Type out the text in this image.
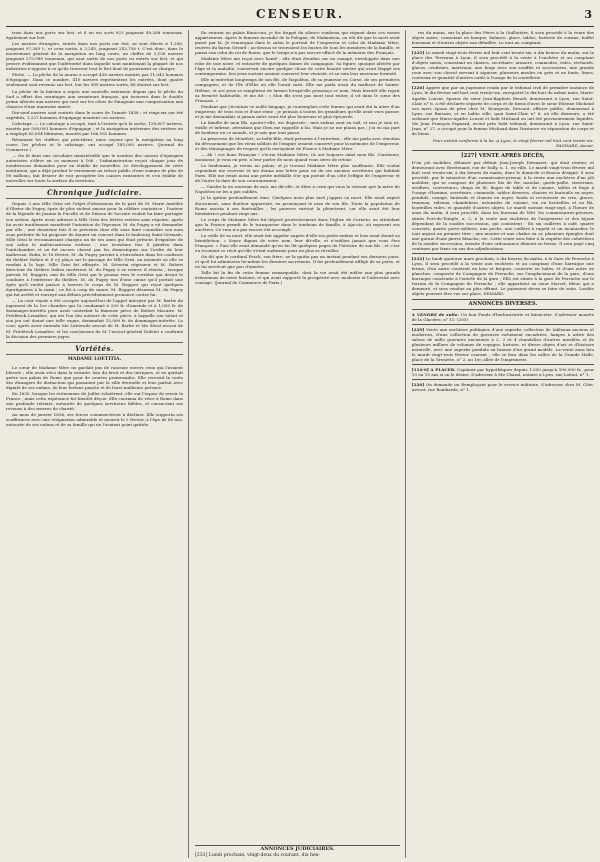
CENSEUR.	3

trois dans nos ports sur lest, et il en est sorti 923 jaugeant 49,268 tonneaux, également sur lest.

Les navires étrangers, entrés dans nos ports sur lest, se sont élevés à 1,286, jaugeant 97,385 t., et ceux sortis, à 3,245, jaugeant 243,758 t. C'est donc, dans le mouvement général de la navigation au long cours, un chiffre de 3,158 navires jaugeant 275,986 tonneaux, qui sont sortis de nos ports ou entrés sur lest, et qui prouve évidemment que l'infériorité dans laquelle sont maintenant la plupart de nos industries n'oppose à ce qu'ils trouvent tout le fret dont ils pourraient se charger.

Pêche. — La pêche de la morue a occupé 436 navires montés par 11,043 hommes d'équipage. Dans ce nombre, 410 navires représentent les entrées, dont quatre seulement sont revenus sur lest. Sur les 380 navires sortis, 48 étaient sur lest.

La pêche de la baleine a repris une nouvelle extension depuis que la pêche du Sud a offert des avantages aux armateurs français, qui trouvent dans la double prime allouée aux navires qui vont sur les côtes de Patagonie une compensation aux chances d'une mauvaise année.

Dix-neuf navires sont rentrés dans le cours de l'année 1838 ; et vingt-six ont été expédiés, 1,227 hommes d'équipage montent ces navires.

Cabotage. — Le cabotage a occupé, tant à l'entrée qu'à la sortie, 128,807 navires, montés par 508,093 hommes d'équipage ; et la navigation intérieure des rivières en a employé 65,854 bâtimens, montés par 166,182 hommes.

Résumant les chiffres qui précèdent, nous voyons que la navigation au long cours, les pêches et le cabotage, ont occupé 185,000 navires. (Journal du Commerce.)

— On lit dans une circulaire ministérielle que le nombre des caisses d'épargnes autorisées s'élève en ce moment à 166 ; l'administration reçoit chaque jour de nombreuses demandes pour en établir de nouvelles. Le développement de cette institution, qui a déjà produit le versement au trésor public d'une somme de plus de 96 millions, fait désirer de voir prospérer les caisses existantes et s'en établir de nouvelles sur toute la surface du territoire.

Chronique Judiciaire.

Depuis 3 ans Mlle Grisi est l'objet d'obsessions de la part de M. Marie Amédée d'Olivier du Pugey, épris de plus violent amour pour la célèbre cantatrice ; l'auteur de la légende de Jeanne la Pucelle et de Démon de Socrate voulait lui faire partager son ardeur. Après avoir adressé à Mlle Grisi des lettres restées sans réponse, après lui avoir inutilement manifesté l'intention de l'épouser, M. du Pugey a vit demander par elle ; une douzième fois il se présenta chez elle sans faire connaître son nom sous prétexte de lui proposer de donner un concert dans le faubourg Saint-Germain. Mlle Grisi le reconnaissant chargea un de ses amis qui était présent d'expulser de son salon le malencontreux visiteur ; une troisième fois il pénétra dans l'antichambre et on fut encore chassé par les domestiques sur l'ordre de leur maîtresse. Enfin, le 16 février, M. du Pugey parvint à s'introduire dans les coulisses du théâtre Italien et il s'y plaça sur le passage de Mlle Grisi, au moment où elle se rendait à la loge. Mlle Grisi fut effrayée, M. Séverini régisseur et M. Robert directeur du théâtre Italien invitèrent M. du Pugey à se retirer, il résista ; lorsque parvint M. Ruggeri, ami de Mlle Grisi qui le poussa vers le corridor qui devait le conduire à l'extérieur du théâtre. M. du Pugey tira d'une canne qu'il portait une épée qu'il voulut passer à travers le corps de M. Roggeri qui reçut quelques égratignures à la main ; ce fut à coup de canne. M. Roggeri désarma M. du Pugey qui fut arrêté et renvoyé aux débats précédemment prononcé contre lui.

— La cour royale a été occupée aujourd'hui de l'appel interjeté par M. Barbe du jugement de la 1re chambre qui l'a condamné à 200 fr. d'amende et à 1,000 fr. de dommages-intérêts pour avoir contrefait la fameuse pièce de Robert Macaire. M. Frédérick Lemaître, qui est l'un des auteurs de cette pièce, à laquelle son talent et son jeu ont donné une telle vogue, demandait 15,000 fr. de dommages-intérêts. La cour, après avoir entendu Me Latterade avocat de M. Barbe et Me Séval avocat de M. Frédérick Lemaître, et les conclusions de M. l'avocat-général Didelot a confirmé la décision des premiers juges.

Variétés.
MADAME LOETITIA.

Le cœur de Madame Mère ne gardait pas de rancune envers ceux qui l'avaient blessée ; elle avait vécu dans la retraite, loin du bruit et des intrigues, et ne quittait guère son palais de Rome que pour de courtes promenades. Elle recevait la visite des étrangers de distinction qui passaient par la ville éternelle et leur parlait avec dignité de ses enfans, de leur fortune passée et de leurs malheurs présens.

En 1830, lorsque les événemens de Juillet éclatèrent, elle eut l'espoir de revoir la France ; mais cette espérance fut bientôt déçue. Elle continua de vivre à Rome dans une profonde retraite, entourée de quelques serviteurs fidèles, et consacrant ses revenus à des œuvres de charité.

Au mois de janvier 1836, ses forces commencèrent à décliner. Elle supporta ses souffrances avec une résignation admirable et mourut le 2 février, à l'âge de 86 ans, entourée de ses enfans et de sa famille qui ne l'avaient point quittée.

En entrant au palais Rinuccini, je fus frappé du silence tombeau qui régnait dans ces vastes appartemens. Après le fameux incendie de la Pologne, de Malmaison, on eût dit que la mort avait passé par là. Je remarquai dans le salon le portrait de l'empereur et celui de Madame Mère, œuvres du baron Gérard ; au-dessus se trouvaient les bustes de tous les membres de la famille, et parmi eux celui du roi de Rome, que le temps n'a pas encore effacé de la mémoire des Français.

Madame Mère me reçut avec bonté ; elle était étendue sur un canapé, enveloppée dans une robe de soie noire, et entourée de quelques dames de compagnie. Sa figure, quoique altérée par l'âge et la maladie, conservait encore quelque chose de cette beauté sévère qui avait frappé ses contemporains. Ses yeux surtout avaient conservé leur vivacité, et sa voix leur ancienne fermeté.

Elle m'entretint longtemps de son fils, de Napoléon, de sa jeunesse en Corse, de ses premières campagnes, et de l'île d'Elbe où elle l'avait suivi. Elle me parla aussi du malheur de Sainte-Hélène, et ses yeux se remplirent de larmes lorsqu'elle prononça ce nom. Mais bientôt elle reprit sa fermeté habituelle, et me dit : « Mon fils n'est pas mort tout entier, il vit dans le cœur des Français. »

Pendant que j'écoutais ce noble langage, je contemplais cette femme qui avait été la mère d'un empereur, de trois rois et d'une reine ; je pensais à toutes les grandeurs qu'elle avait vues passer, et je me demandais si jamais mère avait été plus heureuse et plus éprouvée.

La famille de mon fils, ajouta-t-elle, est dispersée ; mes enfans sont en exil, et moi je suis ici, vieille et infirme, attendant que Dieu me rappelle à lui. Mais je ne me plains pas ; j'ai eu ma part de bonheur en ce monde, et je sais que tout passe.

La princesse de Montfort, sa belle-fille, était présente à l'entretien ; elle me parla avec émotion du dévouement que les vieux soldats de l'empire avaient conservé pour la mémoire de l'empereur, et des témoignages de respect qu'ils envoyaient de France à Madame Mère.

— Ah ! ces bons Français ! s'écria Madame Mère, ils ont toujours aimé mon fils. Continuez, monsieur, je vous en prie, à leur parler de nous quand vous serez de retour.

Le lendemain, je revins au palais, et je trouvai Madame Mère plus souffrante. Elle voulut cependant me recevoir et me donna une lettre pour un de ses anciens serviteurs qui habitait Paris. Elle me remit aussi une petite médaille d'or qui portait d'un côté l'effigie de l'empereur et de l'autre la date de son couronnement.

— Gardez-la en souvenir de moi, me dit-elle, et dites à ceux qui vous la verront que la mère de Napoléon ne les a pas oubliés.

Je la quittai profondément ému. Quelques mois plus tard j'appris sa mort. Elle avait expiré doucement, sans douleur apparente, en prononçant le nom de son fils. Toute la population de Rome assista à ses funérailles ; les pauvres surtout la pleurèrent, car elle avait été leur bienfaitrice pendant vingt ans.

Le corps de Madame Mère fut déposé provisoirement dans l'église de Corneto, en attendant que la France permît de le transporter dans le tombeau de famille, à Ajaccio, où reposent ses ancêtres. Ce vœu n'a pas encore été accompli.

La veille de sa mort, elle avait fait appeler auprès d'elle ses petits-enfans et leur avait donné sa bénédiction. « Soyez dignes de votre nom, leur dit-elle, et n'oubliez jamais que vous êtes Français. » Puis elle avait demandé qu'on lui lût quelques pages de l'histoire de son fils ; et c'est en écoutant ce récit qu'elle s'était endormie pour ne plus se réveiller.

On dit que le cardinal Fesch, son frère, ne la quitta pas un instant pendant ses derniers jours, et qu'il lui administra lui-même les derniers sacremens. Il fut profondément affligé de sa perte, et ne lui survécut que peu d'années.

Telle fut la fin de cette femme remarquable, dont la vie avait été mêlée aux plus grands événemens de notre histoire, et qui avait supporté la prospérité avec modestie et l'adversité avec courage. (Journal de Commerce de Paris.)

ANNONCES JUDICIAIRES.
[231] Lundi prochain, vingt-deux du courant, dix heu-

res du matin, sur la place des Pères à la Guillotière, il sera procédé à la vente des objets saisis, consistant en banque, balance, glace, tables, batterie de cuisine, buffet fourneau et d'autres objets non détaillés. Le tout au comptant.

[225] Le mardi vingt-trois février mil huit cent trente-six, à dix heures du matin, sur la place des Terreaux à Lyon, il sera procédé à la vente à l'enchère et au comptant d'objets saisis, consistant en chaises, secrétaire, armoire, commodes, vides, réchauds, glaces, cendriers, marteaux, une forge avec son soufflet et accessoires, une grande roue avec son cheval servant à aiguiser, plusieurs meules en grès et en fonte, limes, couteaux et quantité d'autres outils à l'usage de la coutellerie.
[226] Appert que par un jugement rendu par le tribunal civil de première instance de Lyon, le dix février mil huit cent trente-six, enregistré le dix-huit du même mois, Marie-Agathe Louvat, épouse du sieur Jean-Baptiste Benoît, demeurant à Lyon, rue Saint-Clair, n° 6, a été déclarée séparée de corps et de biens d'avec le sieur Etienne Michaud son mari, époux de père chez M. Bourgeois, Descaut, officier public, demeurant à Lyon, rue Buisson, et en ladite ville, quai Saint-Clair, n° 6, où elle demeure, a été ordonné que Marie-Agathe Louvat et ledit Michaud en ont été provisoirement liquidés. Me Jean François Pagnard, avoué près ledit tribunal, demeurant à Lyon, rue Saint-Jean, n° 27, a occupé pour la femme Michaud dans l'instance en séparation de corps et de biens.

Pour extrait conforme à la loi. A Lyon, le vingt février mil huit cent trente-six. PAGNARD, Avoué.

[227] VENTE APRÈS DÉCÈS,
D'un joli mobilier, délaissé par défunt Jean-Joseph Dérmaret, qui était rentier, et demeurant avec Brottenaut, rue de Sully, n. 1, en ville. Le mardi vingt-trois février mil huit cent trente-six, à dix heures du matin, dans le domicile ci-dessus désigné, il sera procédé, par le ministère d'un commissaire-priseur, à la vente aux enchères d'un joli mobilier, qui se compose de plusieurs lits de fer, matelas, garde-paille, traversins, oreillers, couvertures, draps de lit, linges de table et de cuisine, tables et linge à l'usage d'homme, secrétaire, commode, tables diverses, chaises et fauteuils en noyer, pendule, canapé, fauteuils et chaises en noyer, fonds et recouverts en crin, glaces, trumeau, rideaux, chandeliers, ustensiles de cuisine, vin en bouteilles et en fût, bouteilles vides, et quantité d'autres objets. Le mardi suivant vingt-sept, à l'heure de onze du matin, il sera procédé, dans les bureaux de MM. les commissaires-priseurs, situés Port-du-Temple, n. 2, à la vente aux enchères de l'argenterie et des bijoux dépendant de la susdite succession, qui consistent : En six cuillères à café, quatre couverts, quatre porte-salières, une poche, une cuillère à ragoût et un moutardier, le tout argent au premier titre ; une montre et une chaîne en or, plusieurs épingles dont une garnie d'une pierre blanche, etc. Cette vente sera faite à la requête des cohéritiers de la susdite succession, ensuite d'une ordonnance dûment en forme. Il sera payé cinq centimes par franc en sus des adjudications.
[232] Le lundi quatorze mars prochain, à dix heures du matin, à la Gare de Perrache à Lyon, il sera procédé à la vente aux enchères et au comptant d'une barraque une ferme, d'un autre construit en bois et briques, couverte en tuiles, et d'une autre en planches, composée de Compagnie de Perrache, sur l'emplacement de la gare, d'une barraque construite à l'entrée de la gare ; Elle est située à la gare de Perrache sur le terrain de la Compagnie de Perrache ; elle appartient au sieur Marcel, fileur, qui a demeuré, et sera vendue au plus offrant. Le paiement devra se faire de suite. Lesdits objets peuvent être vus sur place, DEMARD.
ANNONCES DIVERSES.
A VENDRE de suite. Un bon Fonds d'herboristerie et faïencerie. S'adresser montée de la Glacière, n° 11. (205)
[229] Vente aux enchères publiques d'une superbe collection de tableaux anciens et modernes, d'une collection de gravures richement encadrées, lampes à arbre des salons de mille gravures anciennes à 2, 3 et 4 chandelles d'autres meubles et de plusieurs milliers de volumes de voyages, histoire, et divers objets d'art et d'histoire naturelle, avec une superbe pendule en bronze d'un grand modèle. La vente aura lieu le mardi vingt-trois février courant ; elle se fera dans les salles de la Grande Halle, place de la Grenette, n° 2, au 1er, allée de l'imprimerie.
[114-6] A PLACER. Capitaux par hypothèques depuis 1,000 jusqu'à 100,000 fr., pour 10 ou 15 ans si on le désire. S'adresser à Me Chazal, notaire à Lyon, rue Lafont, n° 1.
[220] On demande un Remplaçant pour le service militaire. S'adresser chez M. Côte, avocat, rue Bombarda, n° 1.
